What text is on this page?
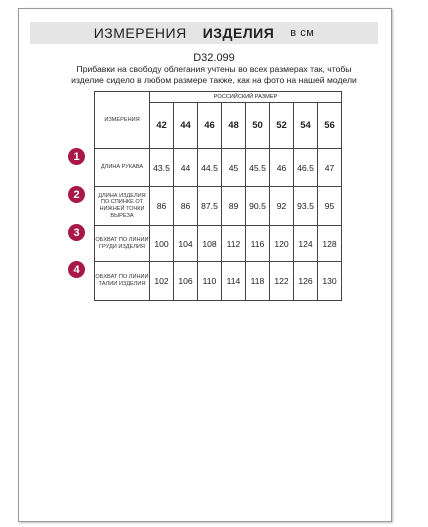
ИЗМЕРЕНИЯ ИЗДЕЛИЯ в см
D32.099
Прибавки на свободу облегания учтены во всех размерах так, чтобы
изделие сидело в любом размере также, как на фото на нашей модели
ИЗМЕРЕНИЯ	РОССИЙСКИЙ РАЗМЕР							
	42	44	46	48	50	52	54	56
ДЛИНА РУКАВА	43.5	44	44.5	45	45.5	46	46.5	47
ДЛИНА ИЗДЕЛИЯ ПО СПИНКЕ ОТ НИЖНЕЙ ТОЧКИ ВЫРЕЗА	86	86	87.5	89	90.5	92	93.5	95
ОБХВАТ ПО ЛИНИИ ГРУДИ ИЗДЕЛИЯ	100	104	108	112	116	120	124	128
ОБХВАТ ПО ЛИНИИ ТАЛИИ ИЗДЕЛИЯ	102	106	110	114	118	122	126	130
1
2
3
4
